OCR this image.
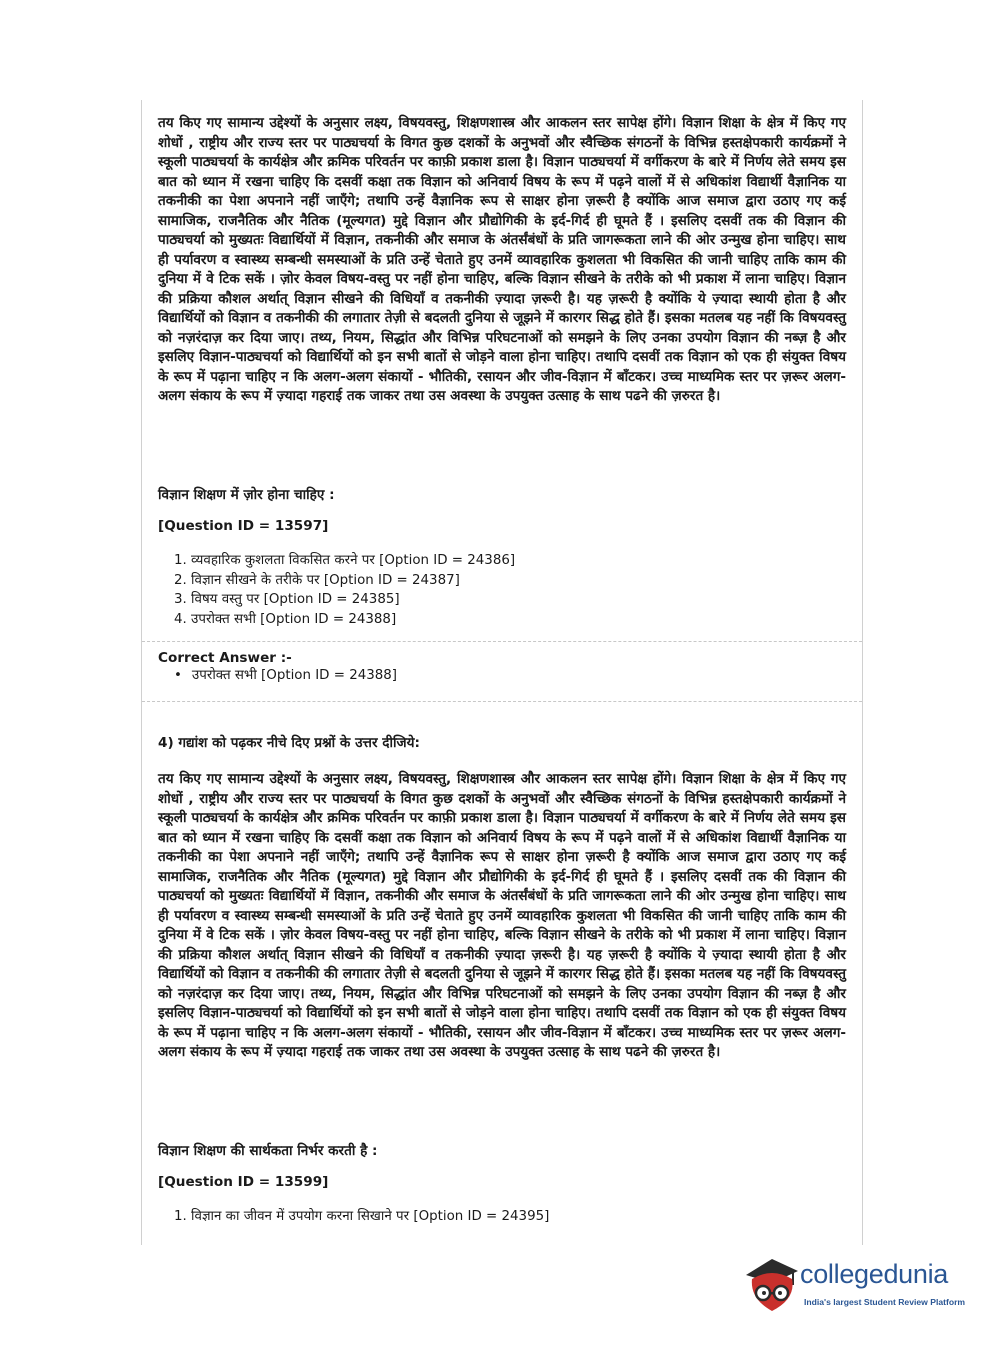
तय किए गए सामान्य उद्देश्यों के अनुसार लक्ष्य, विषयवस्तु, शिक्षणशास्त्र और आकलन स्तर सापेक्ष होंगे। विज्ञान शिक्षा के क्षेत्र में किए गए शोधों , राष्ट्रीय और राज्य स्तर पर पाठ्यचर्या के विगत कुछ दशकों के अनुभवों और स्वैच्छिक संगठनों के विभिन्न हस्तक्षेपकारी कार्यक्रमों ने स्कूली पाठ्यचर्या के कार्यक्षेत्र और क्रमिक परिवर्तन पर काफ़ी प्रकाश डाला है। विज्ञान पाठ्यचर्या में वर्गीकरण के बारे में निर्णय लेते समय इस बात को ध्यान में रखना चाहिए कि दसवीं कक्षा तक विज्ञान को अनिवार्य विषय के रूप में पढ़ने वालों में से अधिकांश विद्यार्थी वैज्ञानिक या तकनीकी का पेशा अपनाने नहीं जाएँगे; तथापि उन्हें वैज्ञानिक रूप से साक्षर होना ज़रूरी है क्योंकि आज समाज द्वारा उठाए गए कई सामाजिक, राजनैतिक और नैतिक (मूल्यगत) मुद्दे विज्ञान और प्रौद्योगिकी के इर्द-गिर्द ही घूमते हैं । इसलिए दसवीं तक की विज्ञान की पाठ्यचर्या को मुख्यतः विद्यार्थियों में विज्ञान, तकनीकी और समाज के अंतर्संबंधों के प्रति जागरूकता लाने की ओर उन्मुख होना चाहिए। साथ ही पर्यावरण व स्वास्थ्य सम्बन्धी समस्याओं के प्रति उन्हें चेताते हुए उनमें व्यावहारिक कुशलता भी विकसित की जानी चाहिए ताकि काम की दुनिया में वे टिक सकें । ज़ोर केवल विषय-वस्तु पर नहीं होना चाहिए, बल्कि विज्ञान सीखने के तरीके को भी प्रकाश में लाना चाहिए। विज्ञान की प्रक्रिया कौशल अर्थात् विज्ञान सीखने की विधियाँ व तकनीकी ज़्यादा ज़रूरी है। यह ज़रूरी है क्योंकि ये ज़्यादा स्थायी होता है और विद्यार्थियों को विज्ञान व तकनीकी की लगातार तेज़ी से बदलती दुनिया से जूझने में कारगर सिद्ध होते हैं। इसका मतलब यह नहीं कि विषयवस्तु को नज़रंदाज़ कर दिया जाए। तथ्य, नियम, सिद्धांत और विभिन्न परिघटनाओं को समझने के लिए उनका उपयोग विज्ञान की नब्ज़ है और इसलिए विज्ञान-पाठ्यचर्या को विद्यार्थियों को इन सभी बातों से जोड़ने वाला होना चाहिए। तथापि दसवीं तक विज्ञान को एक ही संयुक्त विषय के रूप में पढ़ाना चाहिए न कि अलग-अलग संकायों - भौतिकी, रसायन और जीव-विज्ञान में बाँटकर। उच्च माध्यमिक स्तर पर ज़रूर अलग-अलग संकाय के रूप में ज़्यादा गहराई तक जाकर तथा उस अवस्था के उपयुक्त उत्साह के साथ पढने की ज़रुरत है।

विज्ञान शिक्षण में ज़ोर होना चाहिए :

[Question ID = 13597]

1. व्यवहारिक कुशलता विकसित करने पर [Option ID = 24386]
2. विज्ञान सीखने के तरीके पर [Option ID = 24387]
3. विषय वस्तु पर [Option ID = 24385]
4. उपरोक्त सभी [Option ID = 24388]

Correct Answer :-

• उपरोक्त सभी [Option ID = 24388]

4) गद्यांश को पढ़कर नीचे दिए प्रश्नों के उत्तर दीजिये:

तय किए गए सामान्य उद्देश्यों के अनुसार लक्ष्य, विषयवस्तु, शिक्षणशास्त्र और आकलन स्तर सापेक्ष होंगे। विज्ञान शिक्षा के क्षेत्र में किए गए शोधों , राष्ट्रीय और राज्य स्तर पर पाठ्यचर्या के विगत कुछ दशकों के अनुभवों और स्वैच्छिक संगठनों के विभिन्न हस्तक्षेपकारी कार्यक्रमों ने स्कूली पाठ्यचर्या के कार्यक्षेत्र और क्रमिक परिवर्तन पर काफ़ी प्रकाश डाला है। विज्ञान पाठ्यचर्या में वर्गीकरण के बारे में निर्णय लेते समय इस बात को ध्यान में रखना चाहिए कि दसवीं कक्षा तक विज्ञान को अनिवार्य विषय के रूप में पढ़ने वालों में से अधिकांश विद्यार्थी वैज्ञानिक या तकनीकी का पेशा अपनाने नहीं जाएँगे; तथापि उन्हें वैज्ञानिक रूप से साक्षर होना ज़रूरी है क्योंकि आज समाज द्वारा उठाए गए कई सामाजिक, राजनैतिक और नैतिक (मूल्यगत) मुद्दे विज्ञान और प्रौद्योगिकी के इर्द-गिर्द ही घूमते हैं । इसलिए दसवीं तक की विज्ञान की पाठ्यचर्या को मुख्यतः विद्यार्थियों में विज्ञान, तकनीकी और समाज के अंतर्संबंधों के प्रति जागरूकता लाने की ओर उन्मुख होना चाहिए। साथ ही पर्यावरण व स्वास्थ्य सम्बन्धी समस्याओं के प्रति उन्हें चेताते हुए उनमें व्यावहारिक कुशलता भी विकसित की जानी चाहिए ताकि काम की दुनिया में वे टिक सकें । ज़ोर केवल विषय-वस्तु पर नहीं होना चाहिए, बल्कि विज्ञान सीखने के तरीके को भी प्रकाश में लाना चाहिए। विज्ञान की प्रक्रिया कौशल अर्थात् विज्ञान सीखने की विधियाँ व तकनीकी ज़्यादा ज़रूरी है। यह ज़रूरी है क्योंकि ये ज़्यादा स्थायी होता है और विद्यार्थियों को विज्ञान व तकनीकी की लगातार तेज़ी से बदलती दुनिया से जूझने में कारगर सिद्ध होते हैं। इसका मतलब यह नहीं कि विषयवस्तु को नज़रंदाज़ कर दिया जाए। तथ्य, नियम, सिद्धांत और विभिन्न परिघटनाओं को समझने के लिए उनका उपयोग विज्ञान की नब्ज़ है और इसलिए विज्ञान-पाठ्यचर्या को विद्यार्थियों को इन सभी बातों से जोड़ने वाला होना चाहिए। तथापि दसवीं तक विज्ञान को एक ही संयुक्त विषय के रूप में पढ़ाना चाहिए न कि अलग-अलग संकायों - भौतिकी, रसायन और जीव-विज्ञान में बाँटकर। उच्च माध्यमिक स्तर पर ज़रूर अलग-अलग संकाय के रूप में ज़्यादा गहराई तक जाकर तथा उस अवस्था के उपयुक्त उत्साह के साथ पढने की ज़रुरत है।

विज्ञान शिक्षण की सार्थकता निर्भर करती है :

[Question ID = 13599]

1. विज्ञान का जीवन में उपयोग करना सिखाने पर [Option ID = 24395]
collegedunia
India's largest Student Review Platform
